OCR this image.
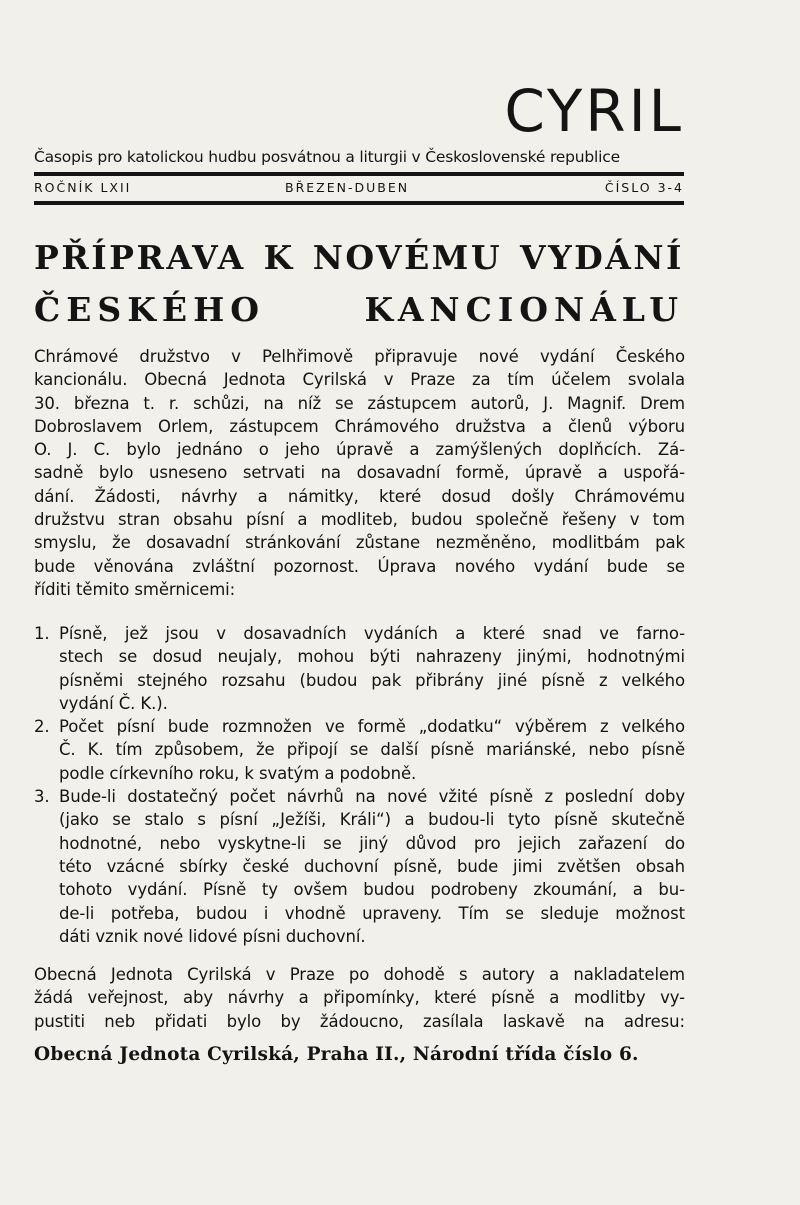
CYRIL
Časopis pro katolickou hudbu posvátnou a liturgii v Československé republice
ROČNÍK LXII	BŘEZEN-DUBEN	ČÍSLO 3-4
PŘÍPRAVA K NOVÉMU VYDÁNÍ
ČESKÉHO KANCIONÁLU
Chrámové družstvo v Pelhřimově připravuje nové vydání Českého
kancionálu. Obecná Jednota Cyrilská v Praze za tím účelem svolala
30. března t. r. schůzi, na níž se zástupcem autorů, J. Magnif. Drem
Dobroslavem Orlem, zástupcem Chrámového družstva a členů výboru
O. J. C. bylo jednáno o jeho úpravě a zamýšlených doplňcích. Zá-
sadně bylo usneseno setrvati na dosavadní formě, úpravě a uspořá-
dání. Žádosti, návrhy a námitky, které dosud došly Chrámovému
družstvu stran obsahu písní a modliteb, budou společně řešeny v tom
smyslu, že dosavadní stránkování zůstane nezměněno, modlitbám pak
bude věnována zvláštní pozornost. Úprava nového vydání bude se
říditi těmito směrnicemi:
1. Písně, jež jsou v dosavadních vydáních a které snad ve farno-
stech se dosud neujaly, mohou býti nahrazeny jinými, hodnotnými
písněmi stejného rozsahu (budou pak přibrány jiné písně z velkého
vydání Č. K.).
2. Počet písní bude rozmnožen ve formě „dodatku“ výběrem z velkého
Č. K. tím způsobem, že připojí se další písně mariánské, nebo písně
podle církevního roku, k svatým a podobně.
3. Bude-li dostatečný počet návrhů na nové vžité písně z poslední doby
(jako se stalo s písní „Ježíši, Králi“) a budou-li tyto písně skutečně
hodnotné, nebo vyskytne-li se jiný důvod pro jejich zařazení do
této vzácné sbírky české duchovní písně, bude jimi zvětšen obsah
tohoto vydání. Písně ty ovšem budou podrobeny zkoumání, a bu-
de-li potřeba, budou i vhodně upraveny. Tím se sleduje možnost
dáti vznik nové lidové písni duchovní.
Obecná Jednota Cyrilská v Praze po dohodě s autory a nakladatelem
žádá veřejnost, aby návrhy a připomínky, které písně a modlitby vy-
pustiti neb přidati bylo by žádoucno, zasílala laskavě na adresu:
Obecná Jednota Cyrilská, Praha II., Národní třída číslo 6.
